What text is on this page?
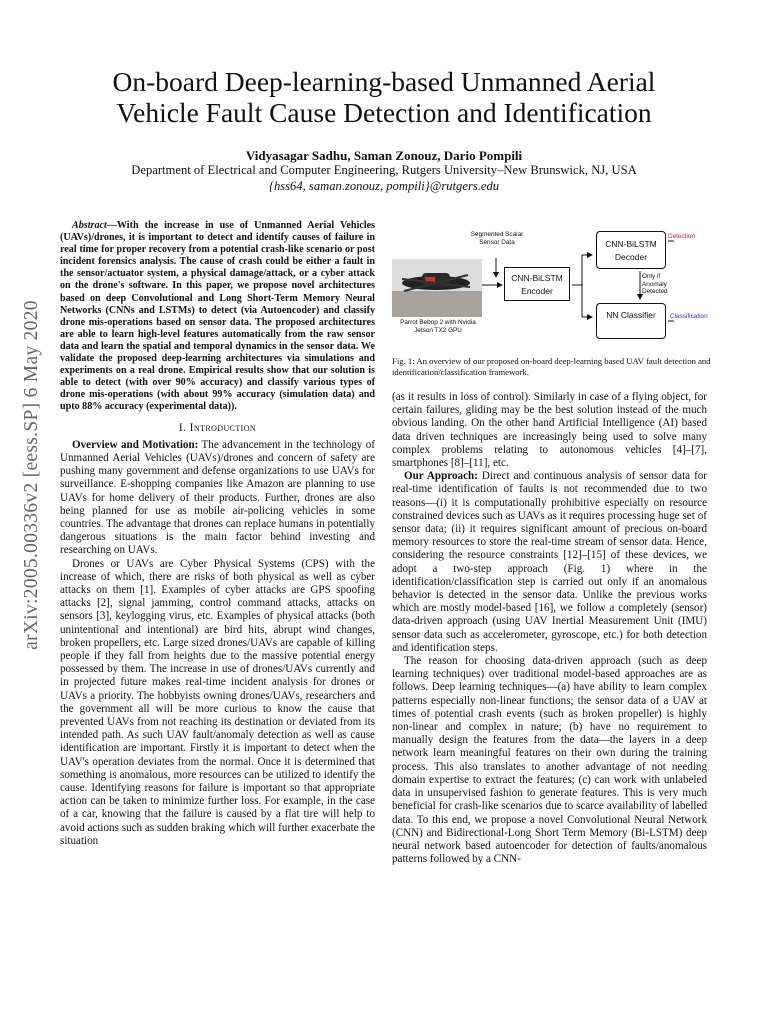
arXiv:2005.00336v2 [eess.SP] 6 May 2020
On-board Deep-learning-based Unmanned Aerial
Vehicle Fault Cause Detection and Identification
Vidyasagar Sadhu, Saman Zonouz, Dario Pompili
Department of Electrical and Computer Engineering, Rutgers University–New Brunswick, NJ, USA
{hss64, saman.zonouz, pompili}@rutgers.edu

Abstract—With the increase in use of Unmanned Aerial Vehicles (UAVs)/drones, it is important to detect and identify causes of failure in real time for proper recovery from a potential crash-like scenario or post incident forensics analysis. The cause of crash could be either a fault in the sensor/actuator system, a physical damage/attack, or a cyber attack on the drone's software. In this paper, we propose novel architectures based on deep Convolutional and Long Short-Term Memory Neural Networks (CNNs and LSTMs) to detect (via Autoencoder) and classify drone mis-operations based on sensor data. The proposed architectures are able to learn high-level features automatically from the raw sensor data and learn the spatial and temporal dynamics in the sensor data. We validate the proposed deep-learning architectures via simulations and experiments on a real drone. Empirical results show that our solution is able to detect (with over 90% accuracy) and classify various types of drone mis-operations (with about 99% accuracy (simulation data) and upto 88% accuracy (experimental data)).

I. Introduction

Overview and Motivation: The advancement in the technology of Unmanned Aerial Vehicles (UAVs)/drones and concern of safety are pushing many government and defense organizations to use UAVs for surveillance. E-shopping companies like Amazon are planning to use UAVs for home delivery of their products. Further, drones are also being planned for use as mobile air-policing vehicles in some countries. The advantage that drones can replace humans in potentially dangerous situations is the main factor behind investing and researching on UAVs.

Drones or UAVs are Cyber Physical Systems (CPS) with the increase of which, there are risks of both physical as well as cyber attacks on them [1]. Examples of cyber attacks are GPS spoofing attacks [2], signal jamming, control command attacks, attacks on sensors [3], keylogging virus, etc. Examples of physical attacks (both unintentional and intentional) are bird hits, abrupt wind changes, broken propellers, etc. Large sized drones/UAVs are capable of killing people if they fall from heights due to the massive potential energy possessed by them. The increase in use of drones/UAVs currently and in projected future makes real-time incident analysis for drones or UAVs a priority. The hobbyists owning drones/UAVs, researchers and the government all will be more curious to know the cause that prevented UAVs from not reaching its destination or deviated from its intended path. As such UAV fault/anomaly detection as well as cause identification are important. Firstly it is important to detect when the UAV's operation deviates from the normal. Once it is determined that something is anomalous, more resources can be utilized to identify the cause. Identifying reasons for failure is important so that appropriate action can be taken to minimize further loss. For example, in the case of a car, knowing that the failure is caused by a flat tire will help to avoid actions such as sudden braking which will further exacerbate the situation

Segmented Scalar Sensor Data
Parrot Bebop 2 with Nvidia Jetson TX2 GPU
CNN-BiLSTM Encoder
CNN-BiLSTM Decoder
NN Classifier
Detection
Classification
Only if Anomaly Detected
Fig. 1: An overview of our proposed on-board deep-learning based UAV fault detection and identification/classification framework.

(as it results in loss of control). Similarly in case of a flying object, for certain failures, gliding may be the best solution instead of the much obvious landing. On the other hand Artificial Intelligence (AI) based data driven techniques are increasingly being used to solve many complex problems relating to autonomous vehicles [4]–[7], smartphones [8]–[11], etc.

Our Approach: Direct and continuous analysis of sensor data for real-time identification of faults is not recommended due to two reasons—(i) it is computationally prohibitive especially on resource constrained devices such as UAVs as it requires processing huge set of sensor data; (ii) it requires significant amount of precious on-board memory resources to store the real-time stream of sensor data. Hence, considering the resource constraints [12]–[15] of these devices, we adopt a two-step approach (Fig. 1) where in the identification/classification step is carried out only if an anomalous behavior is detected in the sensor data. Unlike the previous works which are mostly model-based [16], we follow a completely (sensor) data-driven approach (using UAV Inertial Measurement Unit (IMU) sensor data such as accelerometer, gyroscope, etc.) for both detection and identification steps.

The reason for choosing data-driven approach (such as deep learning techniques) over traditional model-based approaches are as follows. Deep learning techniques—(a) have ability to learn complex patterns especially non-linear functions; the sensor data of a UAV at times of potential crash events (such as broken propeller) is highly non-linear and complex in nature; (b) have no requirement to manually design the features from the data—the layers in a deep network learn meaningful features on their own during the training process. This also translates to another advantage of not needing domain expertise to extract the features; (c) can work with unlabeled data in unsupervised fashion to generate features. This is very much beneficial for crash-like scenarios due to scarce availability of labelled data. To this end, we propose a novel Convolutional Neural Network (CNN) and Bidirectional-Long Short Term Memory (Bi-LSTM) deep neural network based autoencoder for detection of faults/anomalous patterns followed by a CNN-
